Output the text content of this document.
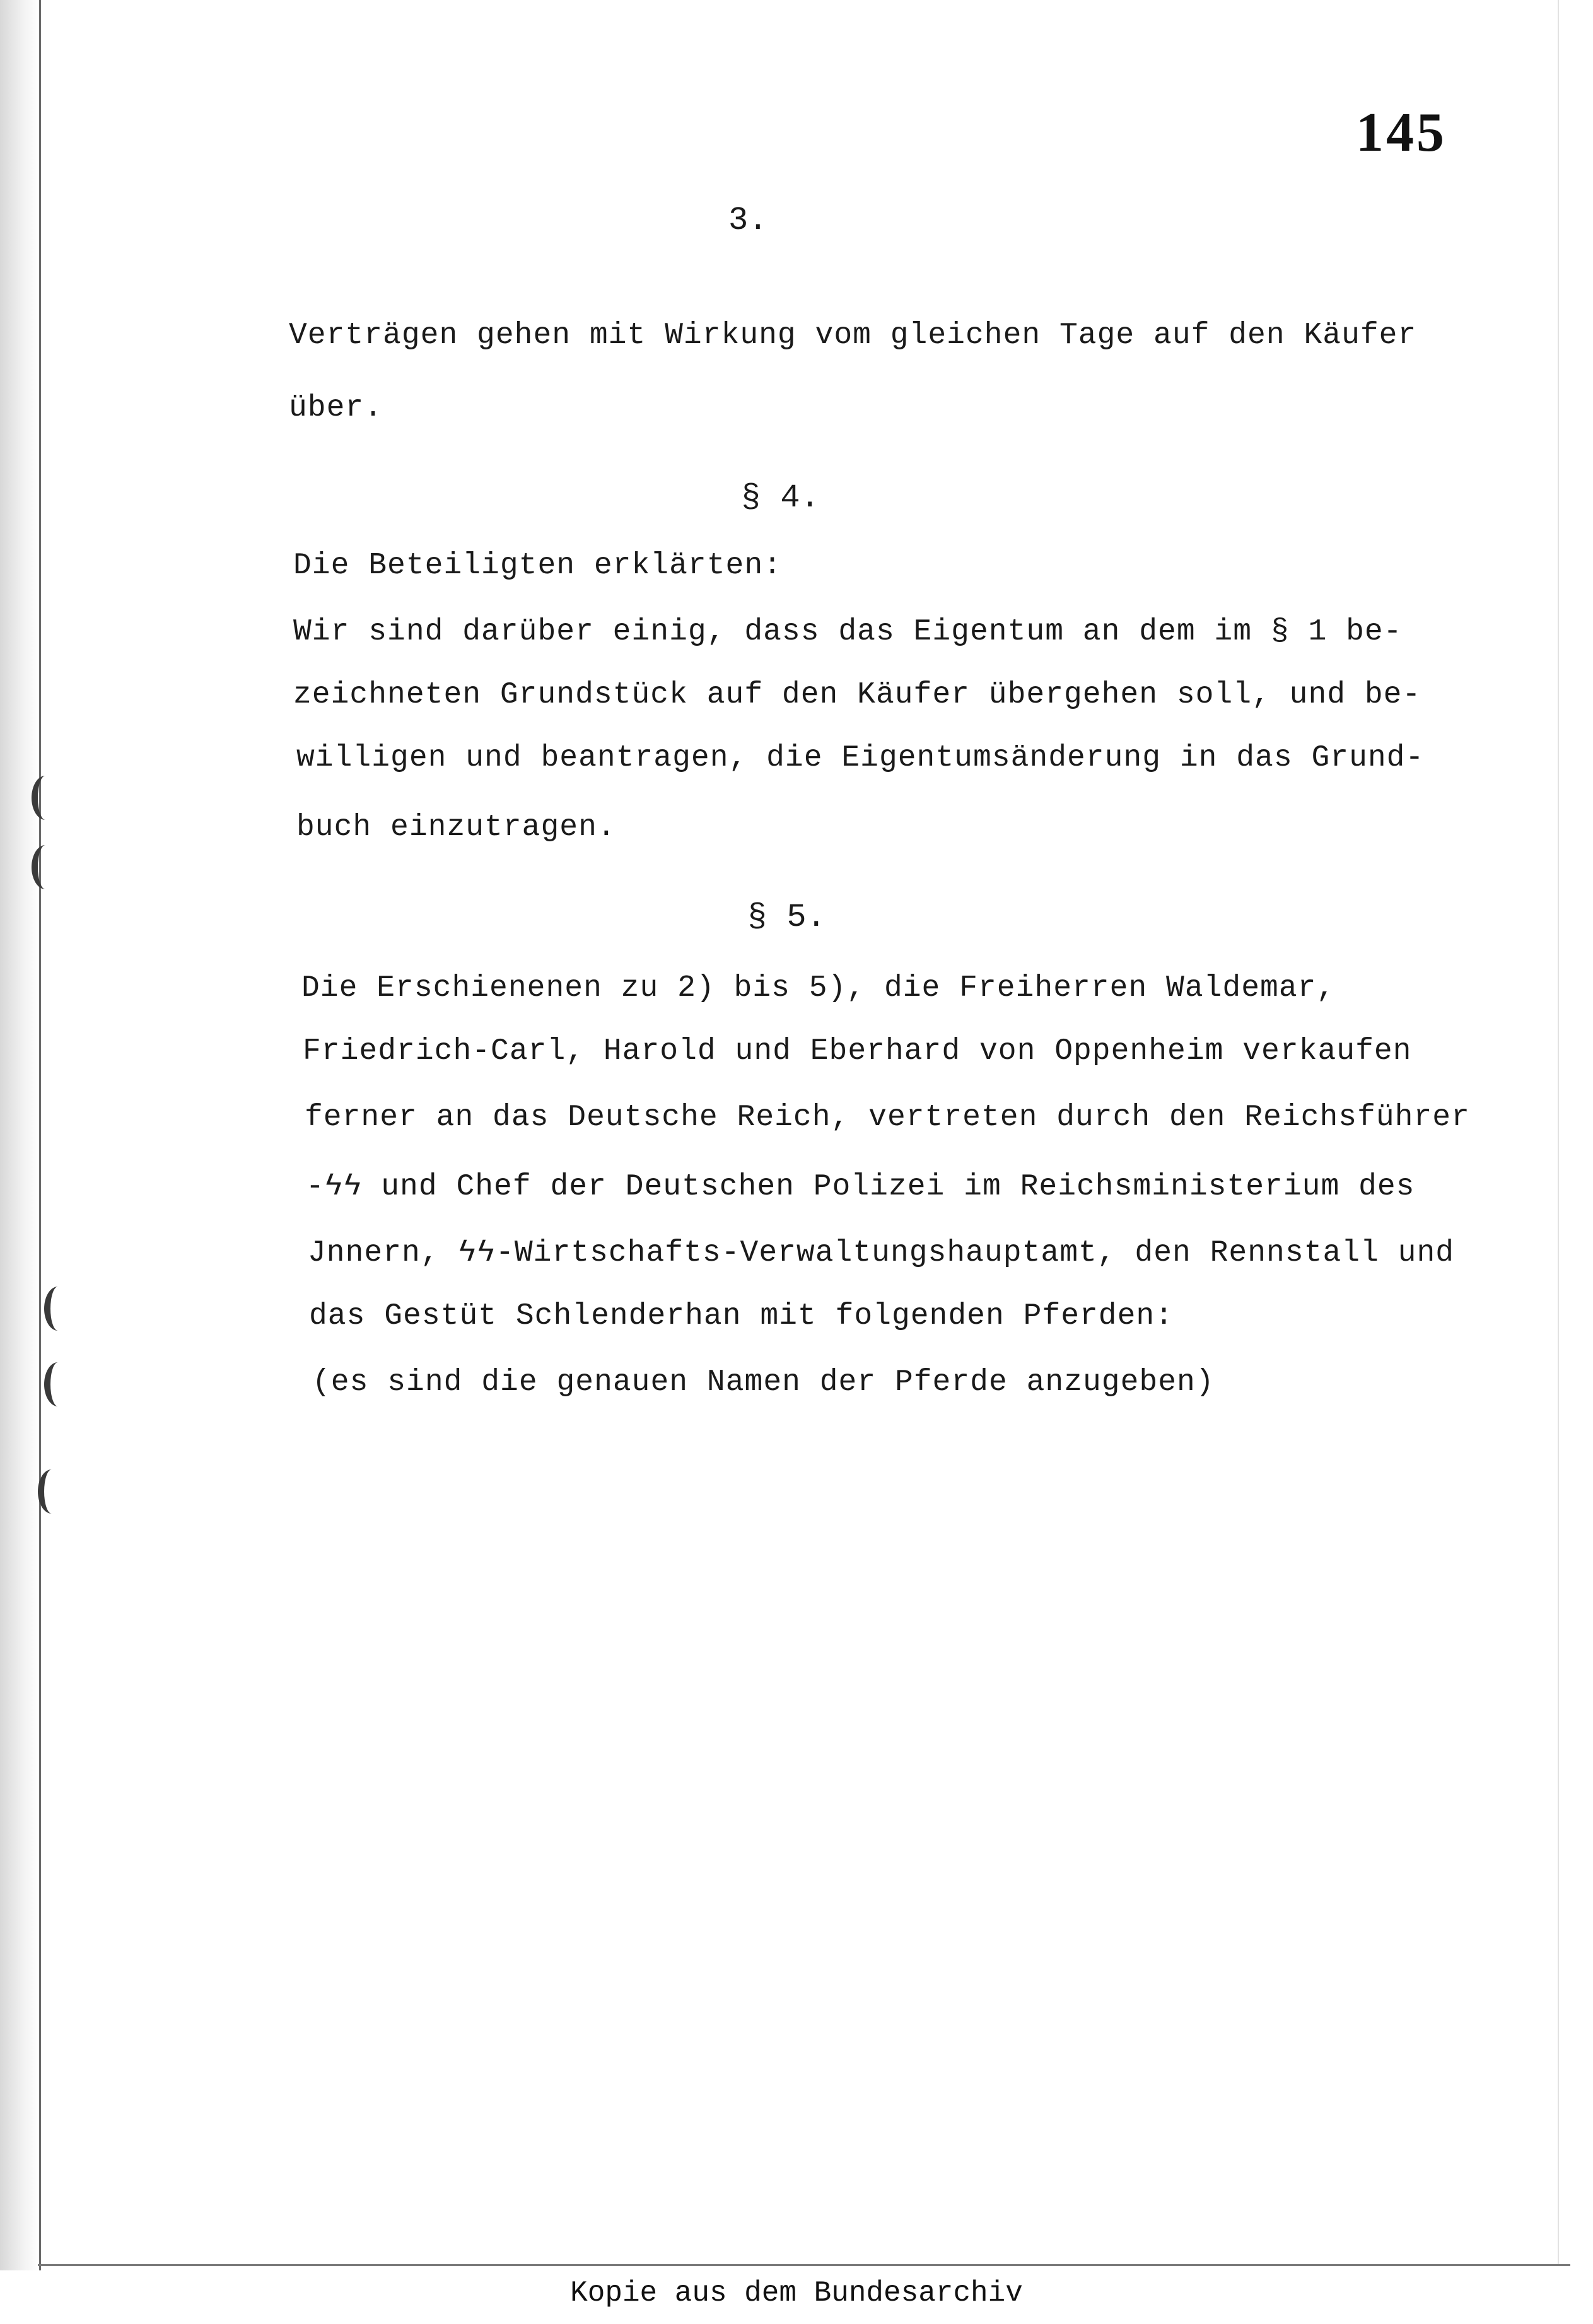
145
3.
Verträgen gehen mit Wirkung vom gleichen Tage auf den Käufer
über.
§ 4.
Die Beteiligten erklärten:
Wir sind darüber einig, dass das Eigentum an dem im § 1 be-
zeichneten Grundstück auf den Käufer übergehen soll, und be-
willigen und beantragen, die Eigentumsänderung in das Grund-
buch einzutragen.
§ 5.
Die Erschienenen zu 2) bis 5), die Freiherren Waldemar,
Friedrich-Carl, Harold und Eberhard von Oppenheim verkaufen
ferner an das Deutsche Reich, vertreten durch den Reichsführer
-ϟϟ und Chef der Deutschen Polizei im Reichsministerium des
Jnnern, ϟϟ-Wirtschafts-Verwaltungshauptamt, den Rennstall und
das Gestüt Schlenderhan mit folgenden Pferden:
(es sind die genauen Namen der Pferde anzugeben)
Kopie aus dem Bundesarchiv
